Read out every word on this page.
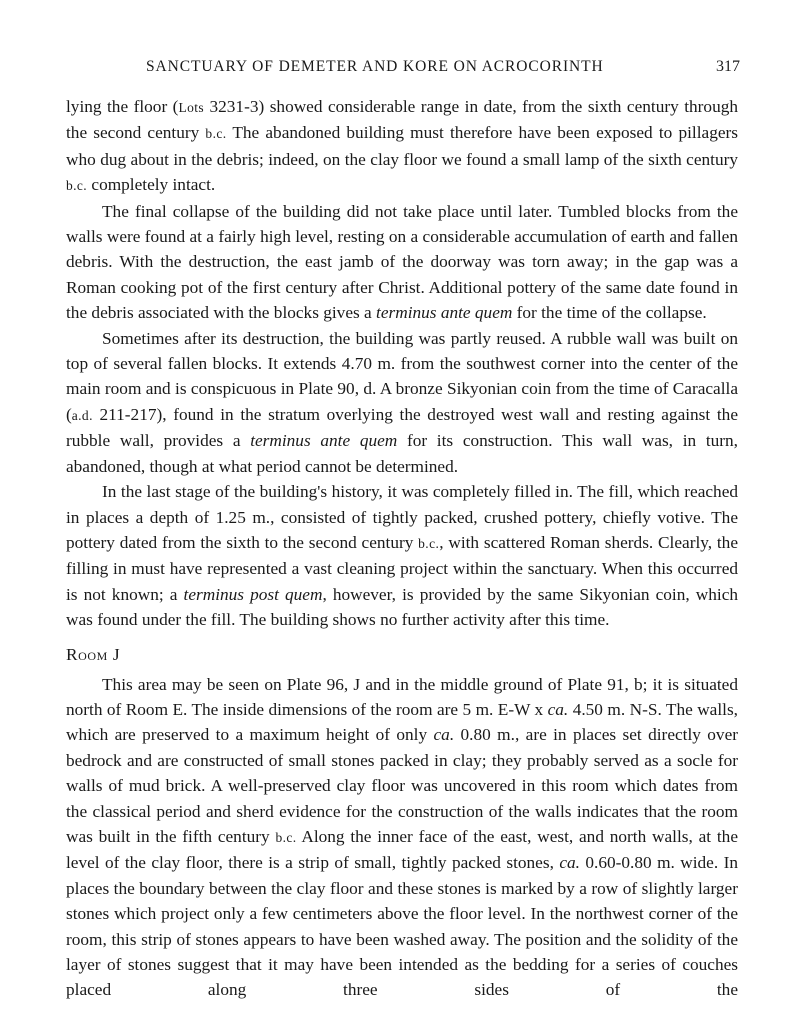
SANCTUARY OF DEMETER AND KORE ON ACROCORINTH	317

lying the floor (Lots 3231-3) showed considerable range in date, from the sixth century through the second century b.c. The abandoned building must therefore have been exposed to pillagers who dug about in the debris; indeed, on the clay floor we found a small lamp of the sixth century b.c. completely intact.

The final collapse of the building did not take place until later. Tumbled blocks from the walls were found at a fairly high level, resting on a considerable accumulation of earth and fallen debris. With the destruction, the east jamb of the doorway was torn away; in the gap was a Roman cooking pot of the first century after Christ. Additional pottery of the same date found in the debris associated with the blocks gives a terminus ante quem for the time of the collapse.

Sometimes after its destruction, the building was partly reused. A rubble wall was built on top of several fallen blocks. It extends 4.70 m. from the southwest corner into the center of the main room and is conspicuous in Plate 90, d. A bronze Sikyonian coin from the time of Caracalla (a.d. 211-217), found in the stratum overlying the destroyed west wall and resting against the rubble wall, provides a terminus ante quem for its construction. This wall was, in turn, abandoned, though at what period cannot be determined.

In the last stage of the building's history, it was completely filled in. The fill, which reached in places a depth of 1.25 m., consisted of tightly packed, crushed pottery, chiefly votive. The pottery dated from the sixth to the second century b.c., with scattered Roman sherds. Clearly, the filling in must have represented a vast cleaning project within the sanctuary. When this occurred is not known; a terminus post quem, however, is provided by the same Sikyonian coin, which was found under the fill. The building shows no further activity after this time.

Room J

This area may be seen on Plate 96, J and in the middle ground of Plate 91, b; it is situated north of Room E. The inside dimensions of the room are 5 m. E-W x ca. 4.50 m. N-S. The walls, which are preserved to a maximum height of only ca. 0.80 m., are in places set directly over bedrock and are constructed of small stones packed in clay; they probably served as a socle for walls of mud brick. A well-preserved clay floor was uncovered in this room which dates from the classical period and sherd evidence for the construction of the walls indicates that the room was built in the fifth century b.c. Along the inner face of the east, west, and north walls, at the level of the clay floor, there is a strip of small, tightly packed stones, ca. 0.60-0.80 m. wide. In places the boundary between the clay floor and these stones is marked by a row of slightly larger stones which project only a few centimeters above the floor level. In the northwest corner of the room, this strip of stones appears to have been washed away. The position and the solidity of the layer of stones suggest that it may have been intended as the bedding for a series of couches placed along three sides of the
